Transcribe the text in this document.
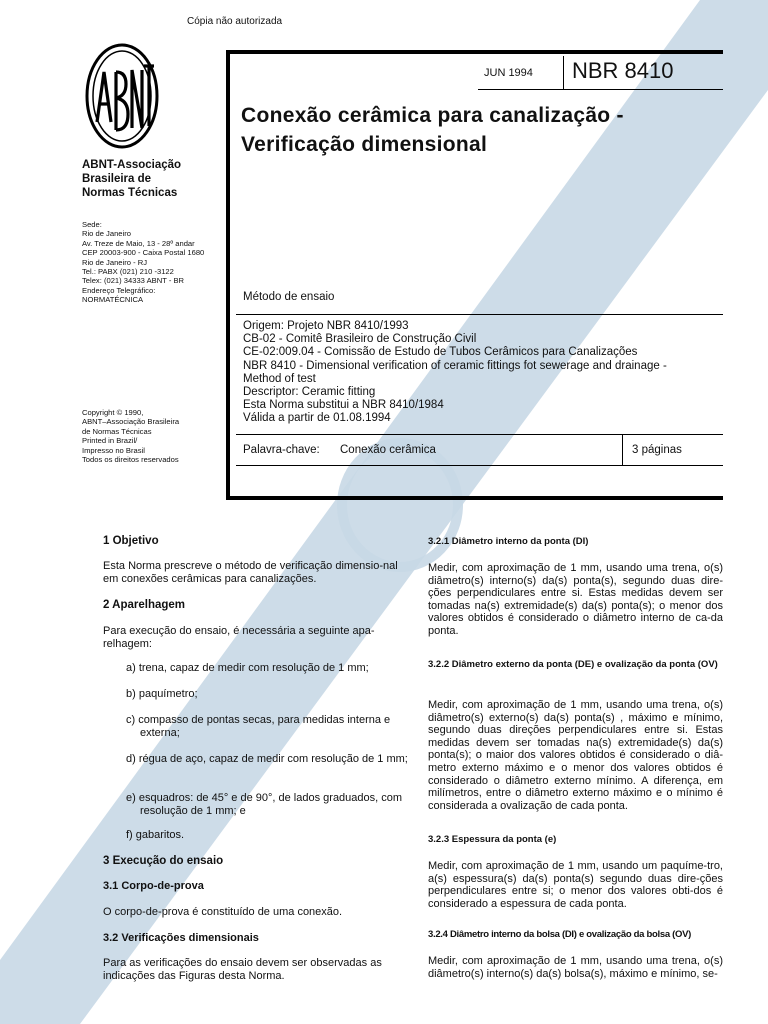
Cópia não autorizada
ABNT-Associação
Brasileira de
Normas Técnicas
Sede:
Rio de Janeiro
Av. Treze de Maio, 13 - 28º andar
CEP 20003-900 - Caixa Postal 1680
Rio de Janeiro - RJ
Tel.: PABX (021) 210 -3122
Telex: (021) 34333 ABNT - BR
Endereço Telegráfico:
NORMATÉCNICA
Copyright © 1990,
ABNT–Associação Brasileira
de Normas Técnicas
Printed in Brazil/
Impresso no Brasil
Todos os direitos reservados
JUN 1994 NBR 8410
Conexão cerâmica para canalização -
Verificação dimensional
Método de ensaio
Origem: Projeto NBR 8410/1993
CB-02 - Comitê Brasileiro de Construção Civil
CE-02:009.04 - Comissão de Estudo de Tubos Cerâmicos para Canalizações
NBR 8410 - Dimensional verification of ceramic fittings fot sewerage and drainage -
Method of test
Descriptor: Ceramic fitting
Esta Norma substitui a NBR 8410/1984
Válida a partir de 01.08.1994
Palavra-chave: Conexão cerâmica	3 páginas
1 Objetivo
Esta Norma prescreve o método de verificação dimensio-nal em conexões cerâmicas para canalizações.
2 Aparelhagem
Para execução do ensaio, é necessária a seguinte apa-relhagem:
a) trena, capaz de medir com resolução de 1 mm;
b) paquímetro;
c) compasso de pontas secas, para medidas interna e externa;
d) régua de aço, capaz de medir com resolução de 1 mm;
e) esquadros: de 45° e de 90°, de lados graduados, com resolução de 1 mm; e
f) gabaritos.
3 Execução do ensaio
3.1 Corpo-de-prova
O corpo-de-prova é constituído de uma conexão.
3.2 Verificações dimensionais
Para as verificações do ensaio devem ser observadas as indicações das Figuras desta Norma.
3.2.1 Diâmetro interno da ponta (DI)
Medir, com aproximação de 1 mm, usando uma trena, o(s) diâmetro(s) interno(s) da(s) ponta(s), segundo duas dire-ções perpendiculares entre si. Estas medidas devem ser tomadas na(s) extremidade(s) da(s) ponta(s); o menor dos valores obtidos é considerado o diâmetro interno de ca-da ponta.
3.2.2 Diâmetro externo da ponta (DE) e ovalização da ponta (OV)
Medir, com aproximação de 1 mm, usando uma trena, o(s) diâmetro(s) externo(s) da(s) ponta(s) , máximo e mínimo, segundo duas direções perpendiculares entre si. Estas medidas devem ser tomadas na(s) extremidade(s) da(s) ponta(s); o maior dos valores obtidos é considerado o diâ-metro externo máximo e o menor dos valores obtidos é considerado o diâmetro externo mínimo. A diferença, em milímetros, entre o diâmetro externo máximo e o mínimo é considerada a ovalização de cada ponta.
3.2.3 Espessura da ponta (e)
Medir, com aproximação de 1 mm, usando um paquíme-tro, a(s) espessura(s) da(s) ponta(s) segundo duas dire-ções perpendiculares entre si; o menor dos valores obti-dos é considerado a espessura de cada ponta.
3.2.4 Diâmetro interno da bolsa (DI) e ovalização da bolsa (OV)
Medir, com aproximação de 1 mm, usando uma trena, o(s) diâmetro(s) interno(s) da(s) bolsa(s), máximo e mínimo, se-
